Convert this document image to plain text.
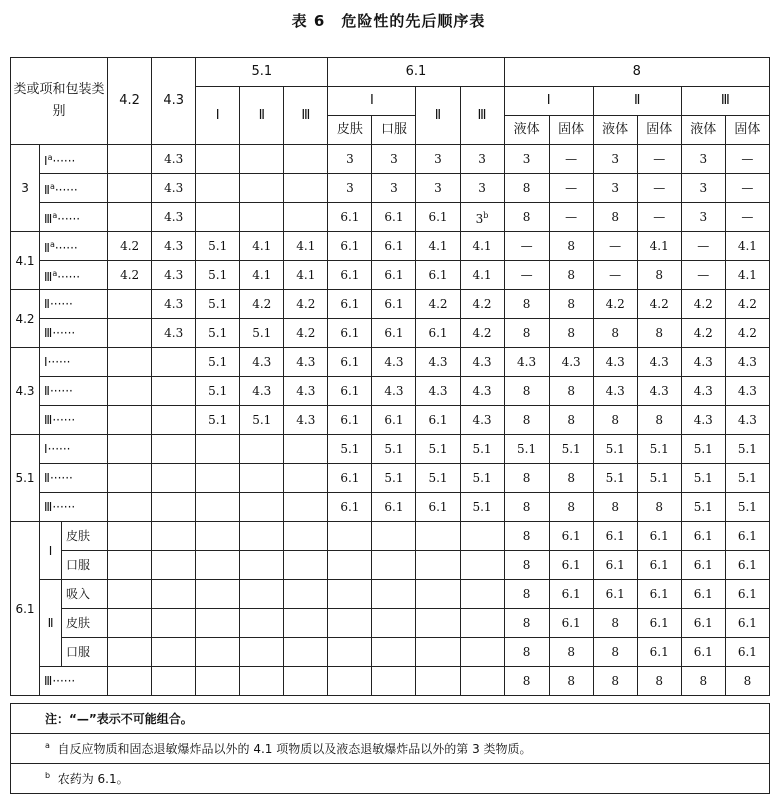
表 6　危险性的先后顺序表
类或项和包装类别			4.2	4.3	5.1			6.1				8					
					Ⅰ	Ⅱ	Ⅲ	Ⅰ		Ⅱ	Ⅲ	Ⅰ		Ⅱ		Ⅲ	
								皮肤	口服			液体	固体	液体	固体	液体	固体
3	Ⅰ$^a$······			4.3				3	3	3	3	3	—	3	—	3	—
	Ⅱ$^a$······			4.3				3	3	3	3	8	—	3	—	3	—
	Ⅲ$^a$······			4.3				6.1	6.1	6.1	3$^b$	8	—	8	—	3	—
4.1	Ⅱ$^a$······		4.2	4.3	5.1	4.1	4.1	6.1	6.1	4.1	4.1	—	8	—	4.1	—	4.1
	Ⅲ$^a$······		4.2	4.3	5.1	4.1	4.1	6.1	6.1	6.1	4.1	—	8	—	8	—	4.1
4.2	Ⅱ······			4.3	5.1	4.2	4.2	6.1	6.1	4.2	4.2	8	8	4.2	4.2	4.2	4.2
	Ⅲ······			4.3	5.1	5.1	4.2	6.1	6.1	6.1	4.2	8	8	8	8	4.2	4.2
4.3	Ⅰ······				5.1	4.3	4.3	6.1	4.3	4.3	4.3	4.3	4.3	4.3	4.3	4.3	4.3
	Ⅱ······				5.1	4.3	4.3	6.1	4.3	4.3	4.3	8	8	4.3	4.3	4.3	4.3
	Ⅲ······				5.1	5.1	4.3	6.1	6.1	6.1	4.3	8	8	8	8	4.3	4.3
5.1	Ⅰ······							5.1	5.1	5.1	5.1	5.1	5.1	5.1	5.1	5.1	5.1
	Ⅱ······							6.1	5.1	5.1	5.1	8	8	5.1	5.1	5.1	5.1
	Ⅲ······							6.1	6.1	6.1	5.1	8	8	8	8	5.1	5.1
6.1	Ⅰ	皮肤										8	6.1	6.1	6.1	6.1	6.1
		口服										8	6.1	6.1	6.1	6.1	6.1
	Ⅱ	吸入										8	6.1	6.1	6.1	6.1	6.1
		皮肤										8	6.1	8	6.1	6.1	6.1
		口服										8	8	8	6.1	6.1	6.1
	Ⅲ······											8	8	8	8	8	8
注：“—”表示不可能组合。
$^a$ 自反应物质和固态退敏爆炸品以外的 4.1 项物质以及液态退敏爆炸品以外的第 3 类物质。
$^b$ 农药为 6.1。
